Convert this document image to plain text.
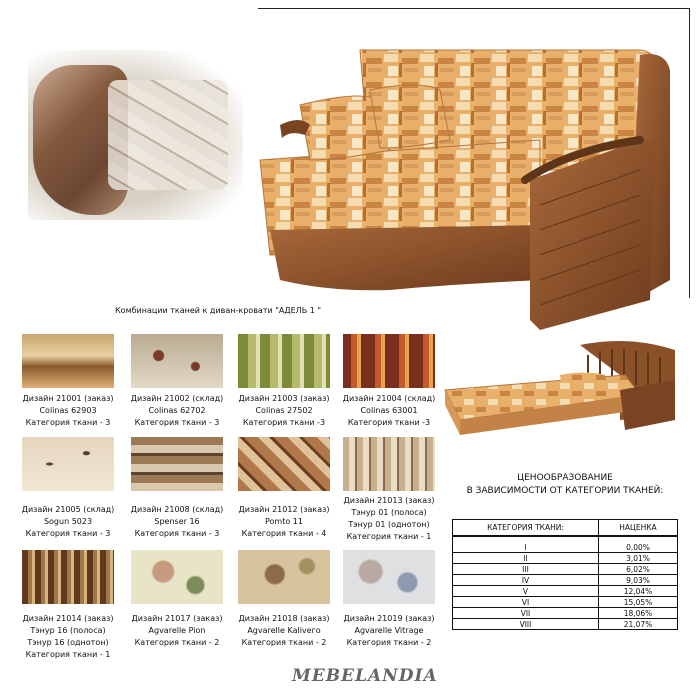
Комбинации тканей к диван-кровати "АДЕЛЬ 1 "
Дизайн 21001 (заказ)
Colinas 62903
Категория ткани - 3
Дизайн 21002 (склад)
Colinas 62702
Категория ткани - 3
Дизайн 21003 (заказ)
Colinas 27502
Категория ткани -3
Дизайн 21004 (склад)
Colinas 63001
Категория ткани -3
Дизайн 21005 (склад)
Sogun 5023
Категория ткани - 3
Дизайн 21008 (склад)
Spenser 16
Категория ткани - 3
Дизайн 21012 (заказ)
Pomto 11
Категория ткани - 4
Дизайн 21013 (заказ)
Тэнур 01 (полоса)
Тэнур 01 (однотон)
Категория ткани - 1
Дизайн 21014 (заказ)
Тэнур 16 (полоса)
Тэнур 16 (однотон)
Категория ткани - 1
Дизайн 21017 (заказ)
Agvarelle Pion
Категория ткани - 2
Дизайн 21018 (заказ)
Agvarelle Kaliveгo
Категория ткани - 2
Дизайн 21019 (заказ)
Agvarelle Vitrage
Категория ткани - 2
ЦЕНООБРАЗОВАНИЕ
В ЗАВИСИМОСТИ ОТ КАТЕГОРИИ ТКАНЕЙ:
КАТЕГОРИЯ ТКАНИ:	НАЦЕНКА
I	0,00%
II	3,01%
III	6,02%
IV	9,03%
V	12,04%
VI	15,05%
VII	18,06%
VIII	21,07%
MEBELANDIA
